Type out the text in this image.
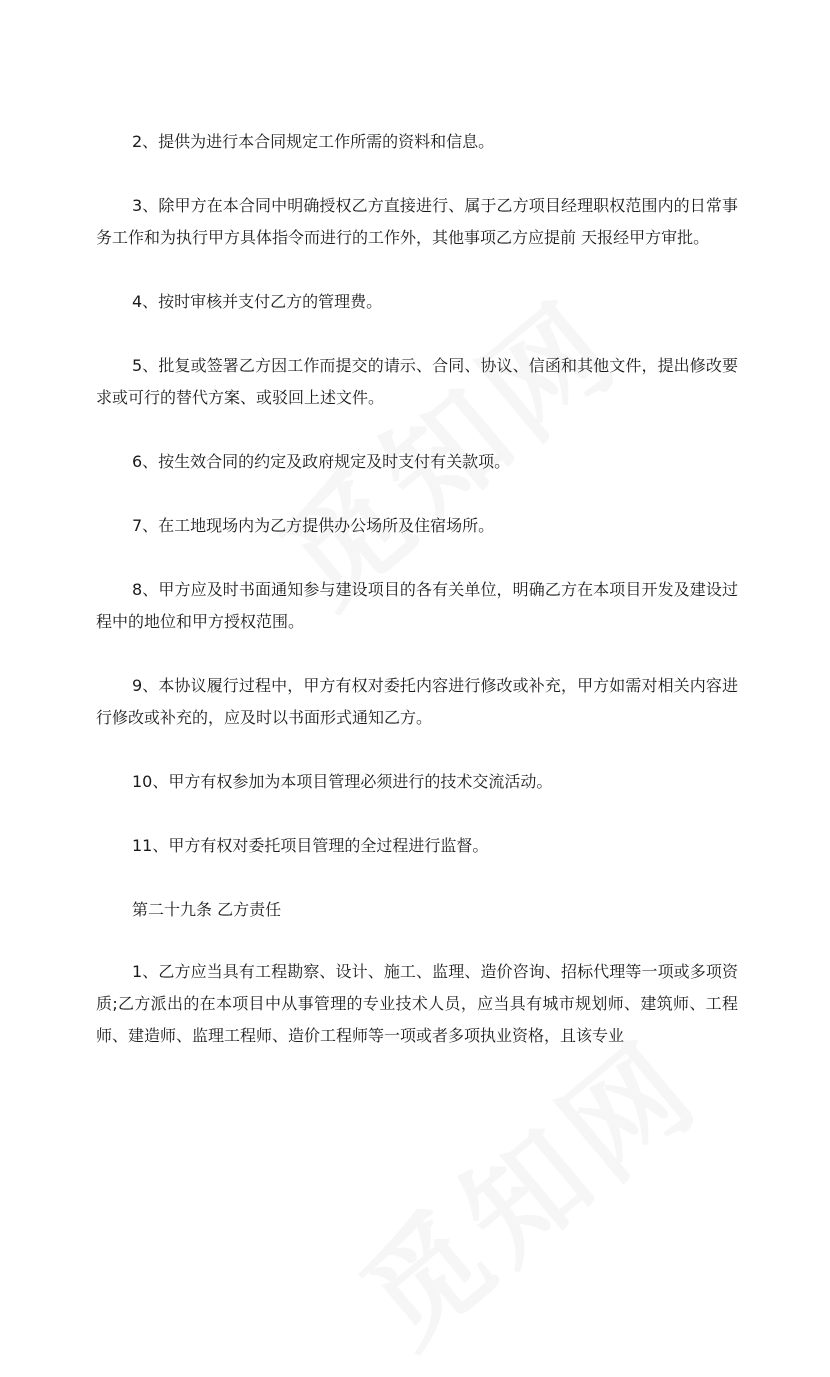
2、提供为进行本合同规定工作所需的资料和信息。

3、除甲方在本合同中明确授权乙方直接进行、属于乙方项目经理职权范围内的日常事务工作和为执行甲方具体指令而进行的工作外，其他事项乙方应提前 天报经甲方审批。

4、按时审核并支付乙方的管理费。

5、批复或签署乙方因工作而提交的请示、合同、协议、信函和其他文件，提出修改要求或可行的替代方案、或驳回上述文件。

6、按生效合同的约定及政府规定及时支付有关款项。

7、在工地现场内为乙方提供办公场所及住宿场所。

8、甲方应及时书面通知参与建设项目的各有关单位，明确乙方在本项目开发及建设过程中的地位和甲方授权范围。

9、本协议履行过程中，甲方有权对委托内容进行修改或补充，甲方如需对相关内容进行修改或补充的，应及时以书面形式通知乙方。

10、甲方有权参加为本项目管理必须进行的技术交流活动。

11、甲方有权对委托项目管理的全过程进行监督。

第二十九条 乙方责任

1、乙方应当具有工程勘察、设计、施工、监理、造价咨询、招标代理等一项或多项资质;乙方派出的在本项目中从事管理的专业技术人员，应当具有城市规划师、建筑师、工程师、建造师、监理工程师、造价工程师等一项或者多项执业资格，且该专业
